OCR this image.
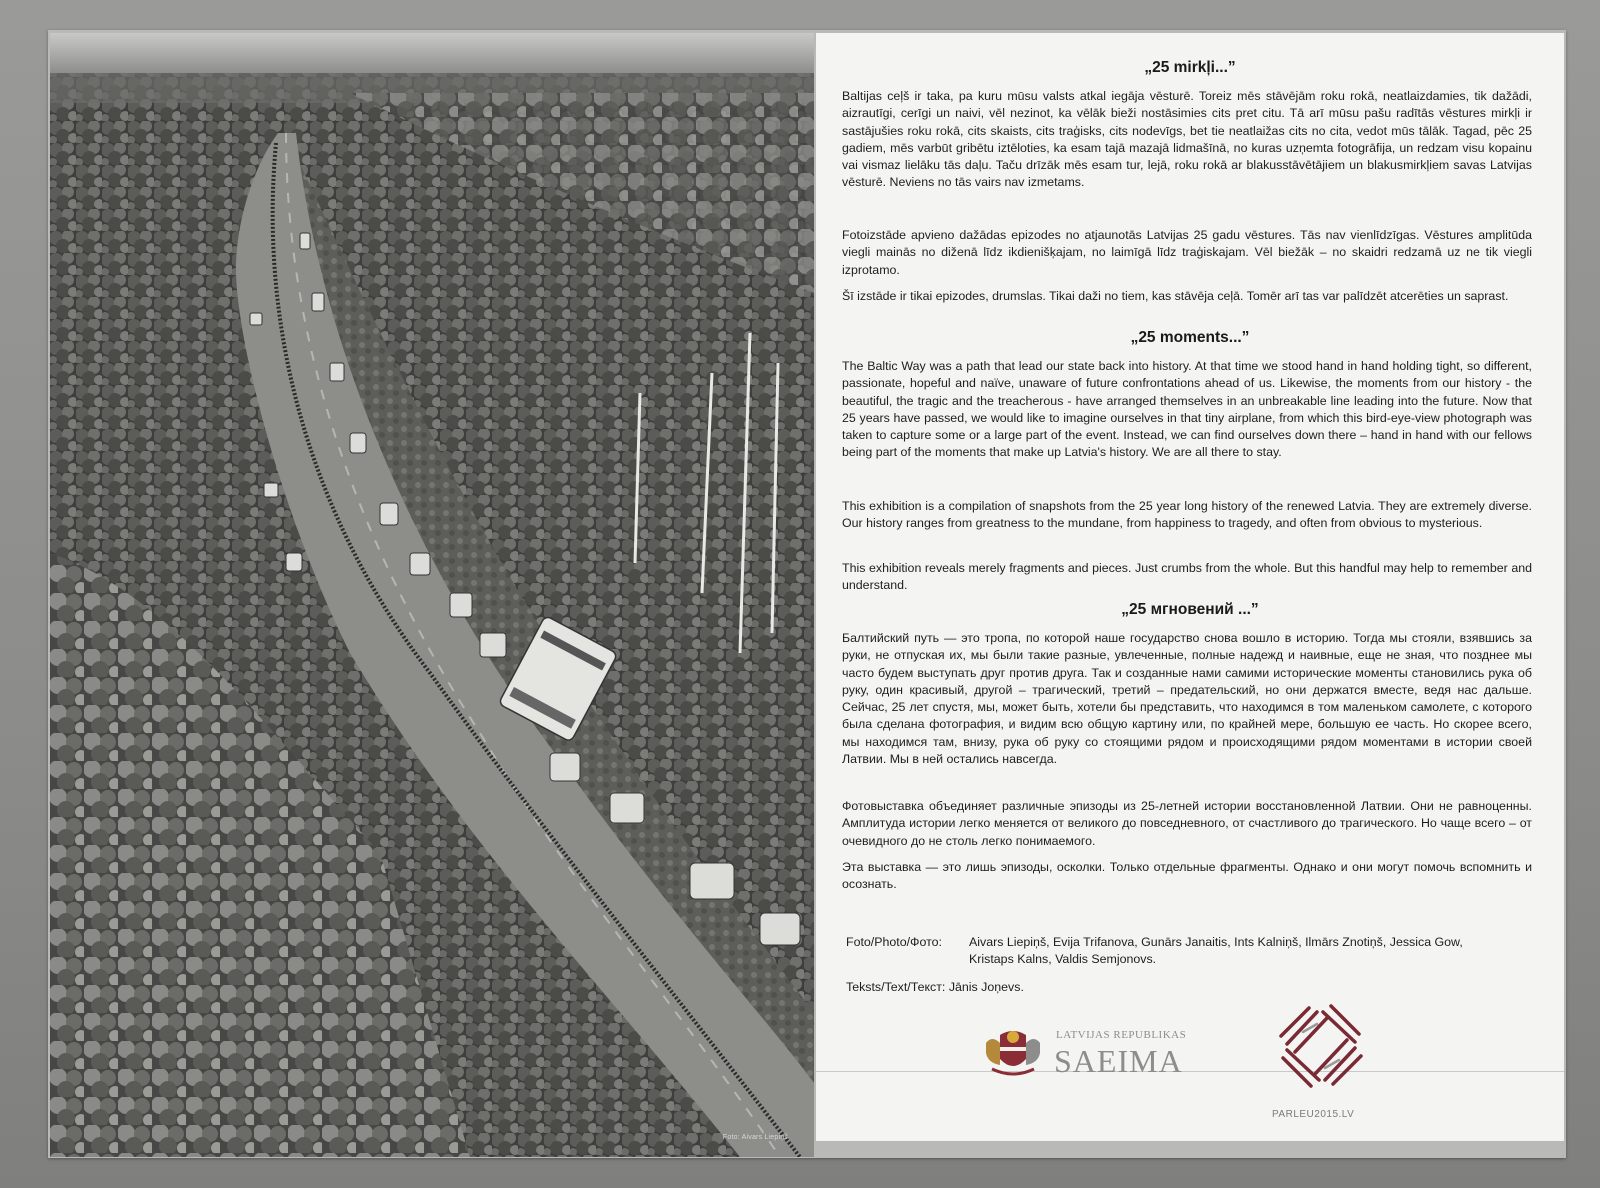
Foto: Aivars Liepiņš
„25 mirkļi...”

Baltijas ceļš ir taka, pa kuru mūsu valsts atkal iegāja vēsturē. Toreiz mēs stāvējām roku rokā, neatlaizdamies, tik dažādi, aizrautīgi, cerīgi un naivi, vēl nezinot, ka vēlāk bieži nostāsimies cits pret citu. Tā arī mūsu pašu radītās vēstures mirkļi ir sastājušies roku rokā, cits skaists, cits traģisks, cits nodevīgs, bet tie neatlaižas cits no cita, vedot mūs tālāk. Tagad, pēc 25 gadiem, mēs varbūt gribētu iztēloties, ka esam tajā mazajā lidmašīnā, no kuras uzņemta fotogrāfija, un redzam visu kopainu vai vismaz lielāku tās daļu. Taču drīzāk mēs esam tur, lejā, roku rokā ar blakusstāvētājiem un blakusmirkļiem savas Latvijas vēsturē. Neviens no tās vairs nav izmetams.

Fotoizstāde apvieno dažādas epizodes no atjaunotās Latvijas 25 gadu vēstures. Tās nav vienlīdzīgas. Vēstures amplitūda viegli mainās no diženā līdz ikdienišķajam, no laimīgā līdz traģiskajam. Vēl biežāk – no skaidri redzamā uz ne tik viegli izprotamo.

Šī izstāde ir tikai epizodes, drumslas. Tikai daži no tiem, kas stāvēja ceļā. Tomēr arī tas var palīdzēt atcerēties un saprast.

„25 moments...”

The Baltic Way was a path that lead our state back into history. At that time we stood hand in hand holding tight, so different, passionate, hopeful and naïve, unaware of future confrontations ahead of us. Likewise, the moments from our history - the beautiful, the tragic and the treacherous - have arranged themselves in an unbreakable line leading into the future. Now that 25 years have passed, we would like to imagine ourselves in that tiny airplane, from which this bird-eye-view photograph was taken to capture some or a large part of the event. Instead, we can find ourselves down there – hand in hand with our fellows being part of the moments that make up Latvia's history. We are all there to stay.

This exhibition is a compilation of snapshots from the 25 year long history of the renewed Latvia. They are extremely diverse. Our history ranges from greatness to the mundane, from happiness to tragedy, and often from obvious to mysterious.

This exhibition reveals merely fragments and pieces. Just crumbs from the whole. But this handful may help to remember and understand.

„25 мгновений ...”

Балтийский путь — это тропа, по которой наше государство снова вошло в историю. Тогда мы стояли, взявшись за руки, не отпуская их, мы были такие разные, увлеченные, полные надежд и наивные, еще не зная, что позднее мы часто будем выступать друг против друга. Так и созданные нами самими исторические моменты становились рука об руку, один красивый, другой – трагический, третий – предательский, но они держатся вместе, ведя нас дальше. Сейчас, 25 лет спустя, мы, может быть, хотели бы представить, что находимся в том маленьком самолете, с которого была сделана фотография, и видим всю общую картину или, по крайней мере, большую ее часть. Но скорее всего, мы находимся там, внизу, рука об руку со стоящими рядом и происходящими рядом моментами в истории своей Латвии. Мы в ней остались навсегда.

Фотовыставка объединяет различные эпизоды из 25-летней истории восстановленной Латвии. Они не равноценны. Амплитуда истории легко меняется от великого до повседневного, от счастливого до трагического. Но чаще всего – от очевидного до не столь легко понимаемого.

Эта выставка — это лишь эпизоды, осколки. Только отдельные фрагменты. Однако и они могут помочь вспомнить и осознать.

Foto/Photo/Фото: Aivars Liepiņš, Evija Trifanova, Gunārs Janaitis, Ints Kalniņš, Ilmārs Znotiņš, Jessica Gow, Kristaps Kalns, Valdis Semjonovs.
Teksts/Text/Текст: Jānis Joņevs.
LATVIJAS REPUBLIKAS
SAEIMA
PARLEU2015.LV
